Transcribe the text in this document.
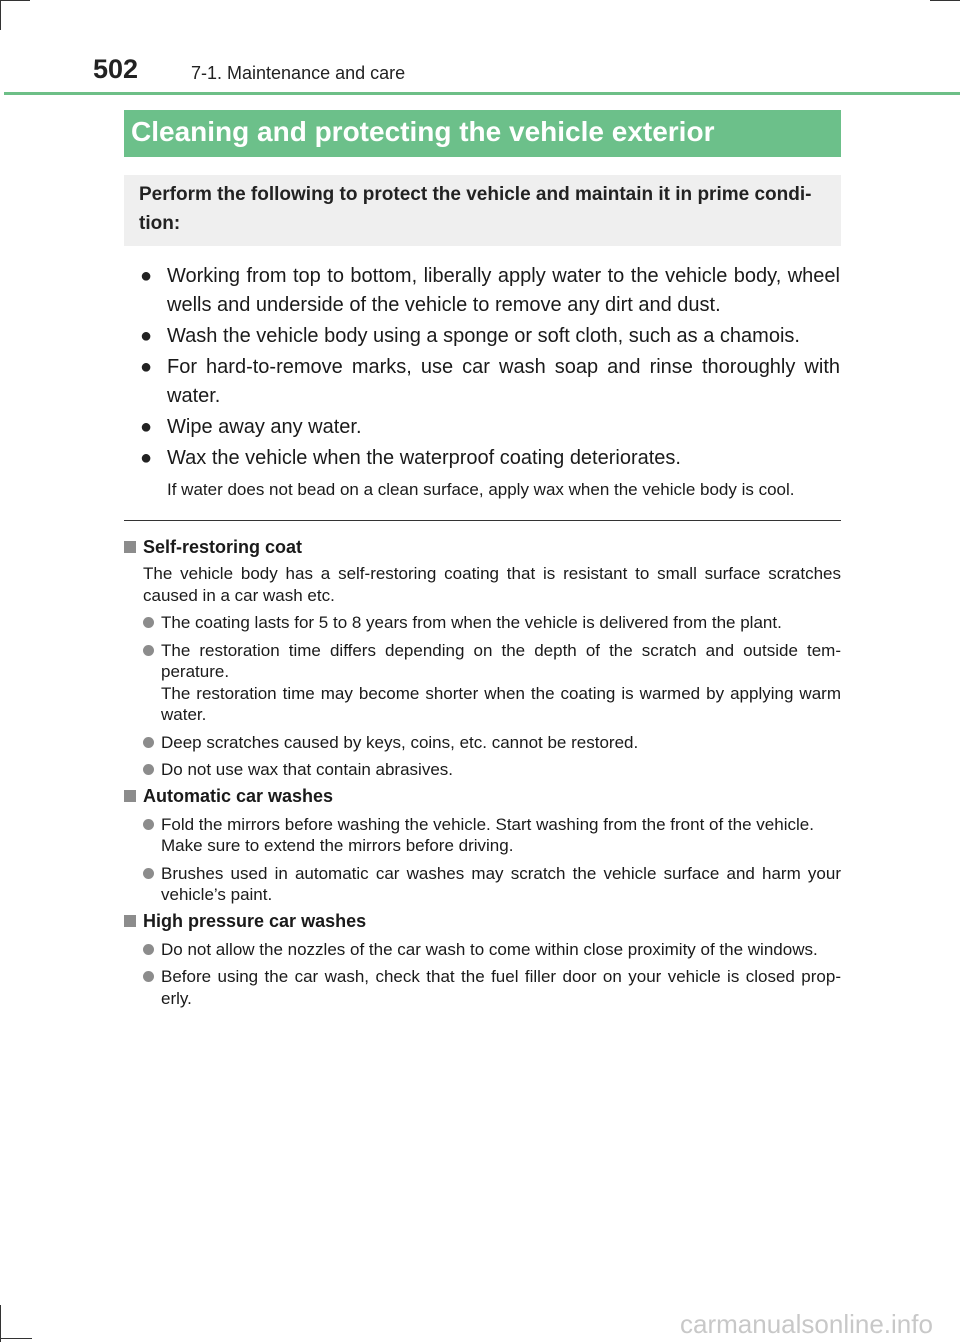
502	7-1. Maintenance and care
Cleaning and protecting the vehicle exterior
Perform the following to protect the vehicle and maintain it in prime condi-tion:
● Working from top to bottom, liberally apply water to the vehicle body, wheel wells and underside of the vehicle to remove any dirt and dust.
● Wash the vehicle body using a sponge or soft cloth, such as a chamois.
● For hard-to-remove marks, use car wash soap and rinse thoroughly with water.
● Wipe away any water.
● Wax the vehicle when the waterproof coating deteriorates.
If water does not bead on a clean surface, apply wax when the vehicle body is cool.
Self-restoring coat
The vehicle body has a self-restoring coating that is resistant to small surface scratches caused in a car wash etc.
The coating lasts for 5 to 8 years from when the vehicle is delivered from the plant.
The restoration time differs depending on the depth of the scratch and outside tem-perature.
The restoration time may become shorter when the coating is warmed by applying warm water.
Deep scratches caused by keys, coins, etc. cannot be restored.
Do not use wax that contain abrasives.
Automatic car washes
Fold the mirrors before washing the vehicle. Start washing from the front of the vehicle.
Make sure to extend the mirrors before driving.
Brushes used in automatic car washes may scratch the vehicle surface and harm your vehicle’s paint.
High pressure car washes
Do not allow the nozzles of the car wash to come within close proximity of the windows.
Before using the car wash, check that the fuel filler door on your vehicle is closed prop-erly.
carmanualsonline.info
